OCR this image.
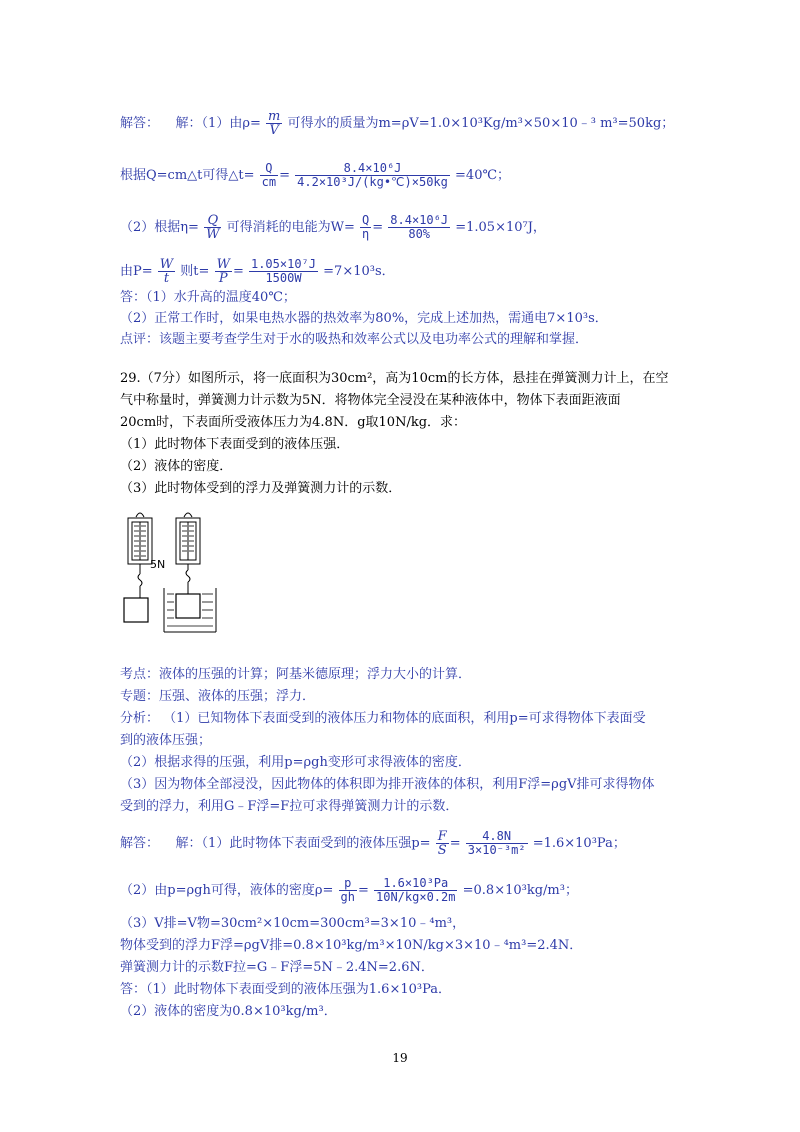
解答： 解：（1）由$\rho= \frac{m}{V}$ 可得水的质量为m=ρV=1.0×10³Kg/m³×50×10﹣³ m³=50kg；
根据Q=cm△t可得△t= $\frac{Q}{cm} = \frac{\text{8.4×10⁶J}}{\text{4.2×10³J/(kg•℃)×50kg}}$ =40℃；
（2）根据$\eta= \frac{Q}{W}$ 可得消耗的电能为$W= \frac{Q}{\eta} = \frac{\text{8.4×10⁶J}}{80\%} =1.05\times 10^7J$，
由$P= \frac{W}{t}$ 则$t= \frac{W}{P} = \frac{\text{1.05×10⁷J}}{1500W} =7\times 10^3s$．
答：（1）水升高的温度40℃；
（2）正常工作时，如果电热水器的热效率为80%，完成上述加热，需通电7×10³s．
点评：该题主要考查学生对于水的吸热和效率公式以及电功率公式的理解和掌握．
29.（7分）如图所示，将一底面积为30cm²，高为10cm的长方体，悬挂在弹簧测力计上，在空
气中称量时，弹簧测力计示数为5N．将物体完全浸没在某种液体中，物体下表面距液面
20cm时，下表面所受液体压力为4.8N．g取10N/kg．求：
（1）此时物体下表面受到的液体压强．
（2）液体的密度．
（3）此时物体受到的浮力及弹簧测力计的示数．
5N
考点：液体的压强的计算；阿基米德原理；浮力大小的计算．
专题：压强、液体的压强；浮力．
分析： （1）已知物体下表面受到的液体压力和物体的底面积，利用p=可求得物体下表面受
到的液体压强；
（2）根据求得的压强，利用p=ρgh变形可求得液体的密度．
（3）因为物体全部浸没，因此物体的体积即为排开液体的体积，利用F浮=ρgV排可求得物体
受到的浮力，利用G﹣F浮=F拉可求得弹簧测力计的示数．
解答： 解：（1）此时物体下表面受到的液体压强$p= \frac{F}{S} = \frac{4.8N}{\text{3×10⁻³m²}} =1.6\times 10^3Pa$；
（2）由p=ρgh可得，液体的密度$\rho= \frac{p}{gh} = \frac{\text{1.6×10³Pa}}{10N/kg\times 0.2m} =0.8\times 10^3kg/m^3$；
（3）V排=V物=30cm²×10cm=300cm³=3×10﹣⁴m³，
物体受到的浮力F浮=ρgV排=0.8×10³kg/m³×10N/kg×3×10﹣⁴m³=2.4N．
弹簧测力计的示数F拉=G﹣F浮=5N﹣2.4N=2.6N．
答：（1）此时物体下表面受到的液体压强为1.6×10³Pa．
（2）液体的密度为0.8×10³kg/m³．
19
